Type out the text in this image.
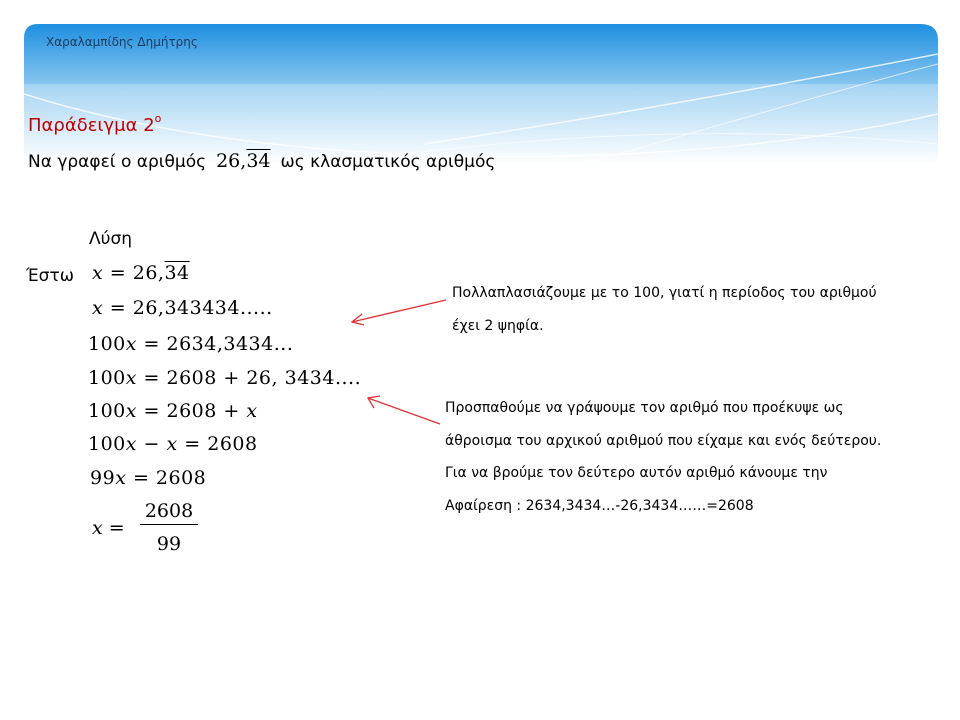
Χαραλαμπίδης Δημήτρης
Παράδειγμα $2^o$
Να γραφεί ο αριθμός 26,34 ως κλασματικός αριθμός
Λύση
Έστω x = 26,34
x = 26,343434.....
100x = 2634,3434...
100x = 2608 + 26, 3434....
100x = 2608 + x
100x − x = 2608
99x = 2608
x =
2608
99
Πολλαπλασιάζουμε με το 100, γιατί η περίοδος του αριθμού
έχει 2 ψηφία.
Προσπαθούμε να γράψουμε τον αριθμό που προέκυψε ως
άθροισμα του αρχικού αριθμού που είχαμε και ενός δεύτερου.
Για να βρούμε τον δεύτερο αυτόν αριθμό κάνουμε την
Αφαίρεση : 2634,3434…-26,3434……=2608
